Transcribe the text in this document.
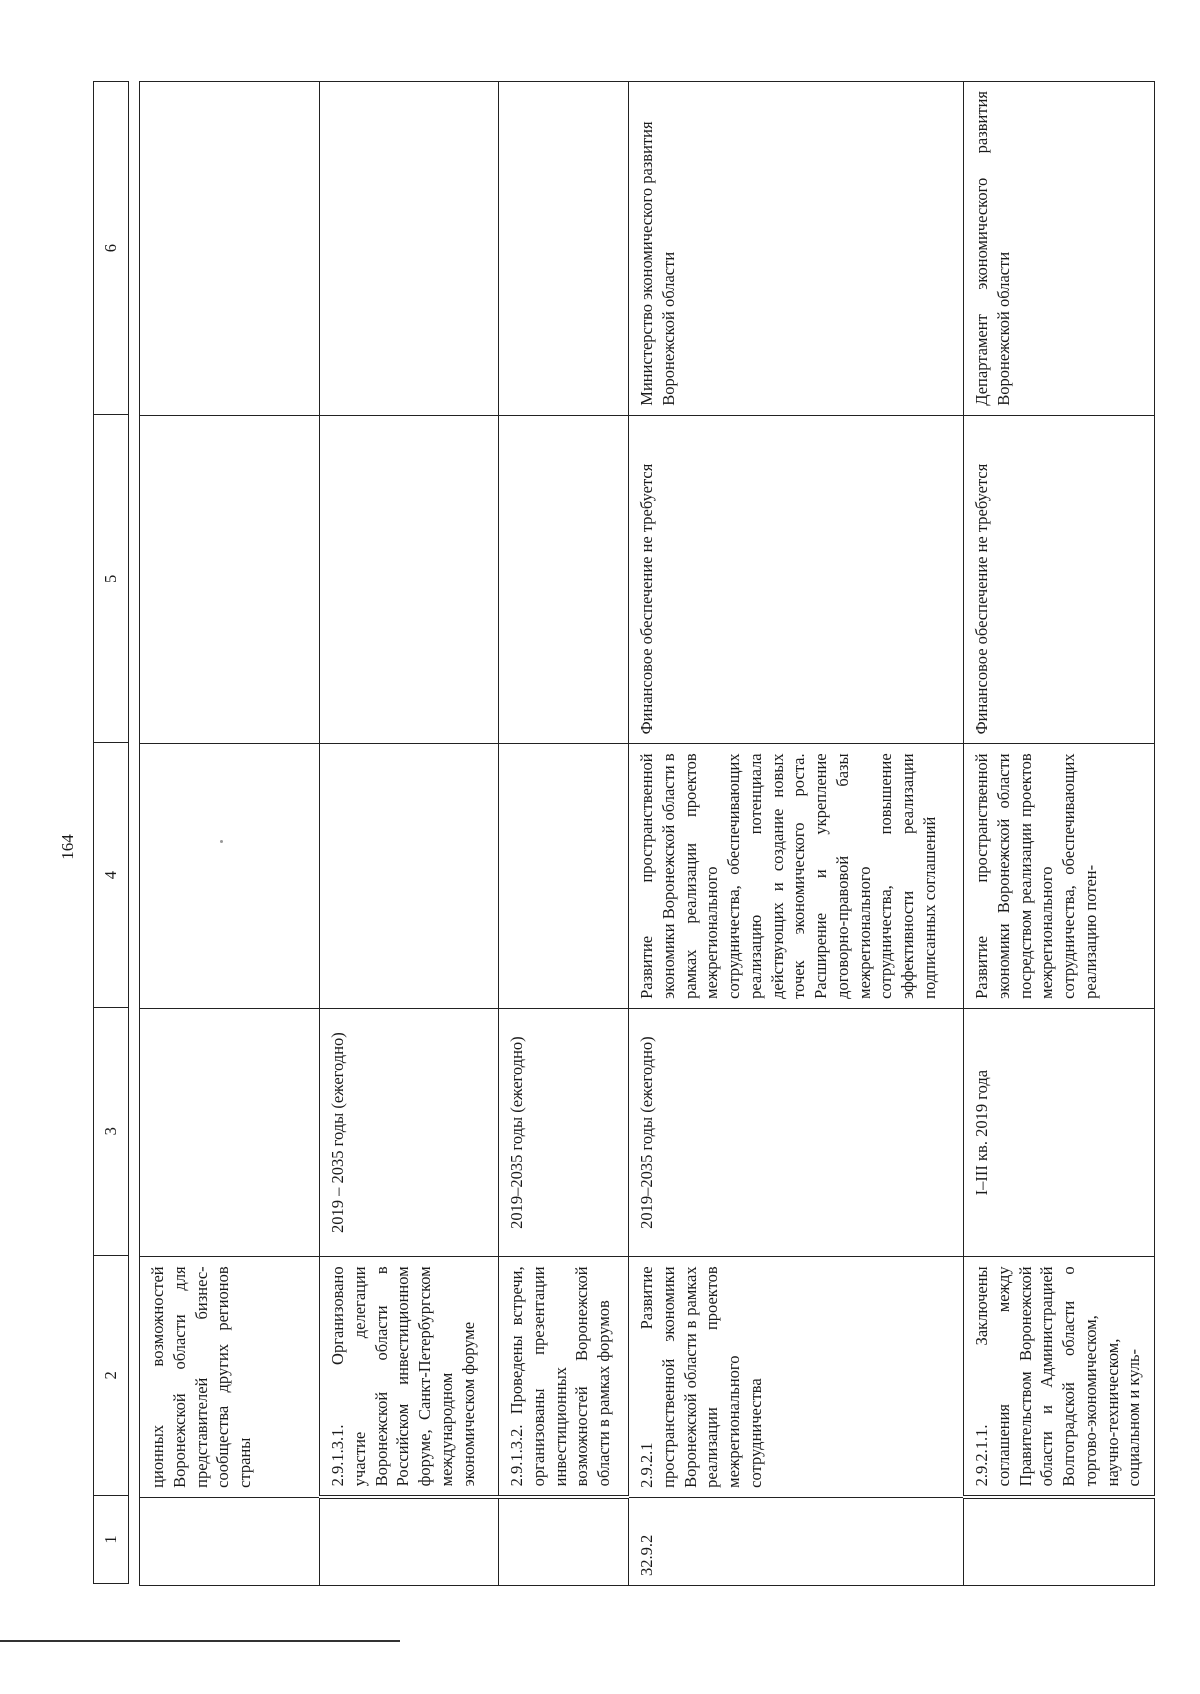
164
1	2	3	4	5	6
	ционных возможностей Воронежской области для представителей бизнес-сообщества других регионов страны				
	2.9.1.3.1. Организовано участие делегации Воронежской области в Российском инвестиционном форуме, Санкт-Петербургском международном экономическом форуме	2019 – 2035 годы (ежегодно)			
	2.9.1.3.2. Проведены встречи, организованы презентации инвестиционных возможностей Воронежской области в рамках форумов	2019–2035 годы (ежегодно)			
32.9.2	2.9.2.1 Развитие пространственной экономики Воронежской области в рамках реализации проектов межрегионального сотрудничества	2019–2035 годы (ежегодно)	Развитие пространственной экономики Воронежской области в рамках реализации проектов межрегионального сотрудничества, обеспечивающих реализацию потенциала действующих и создание новых точек экономического роста. Расширение и укрепление договорно-правовой базы межрегионального сотрудничества, повышение эффективности реализации подписанных соглашений	Финансовое обеспечение не требуется	Министерство экономического развития Воронежской области
	2.9.2.1.1. Заключены соглашения между Правительством Воронежской области и Администрацией Волгоградской области о торгово-экономическом, научно-техническом, социальном и куль-	I–III кв. 2019 года	Развитие пространственной экономики Воронежской области посредством реализации проектов межрегионального сотрудничества, обеспечивающих реализацию потен-	Финансовое обеспечение не требуется	Департамент экономического развития Воронежской области
